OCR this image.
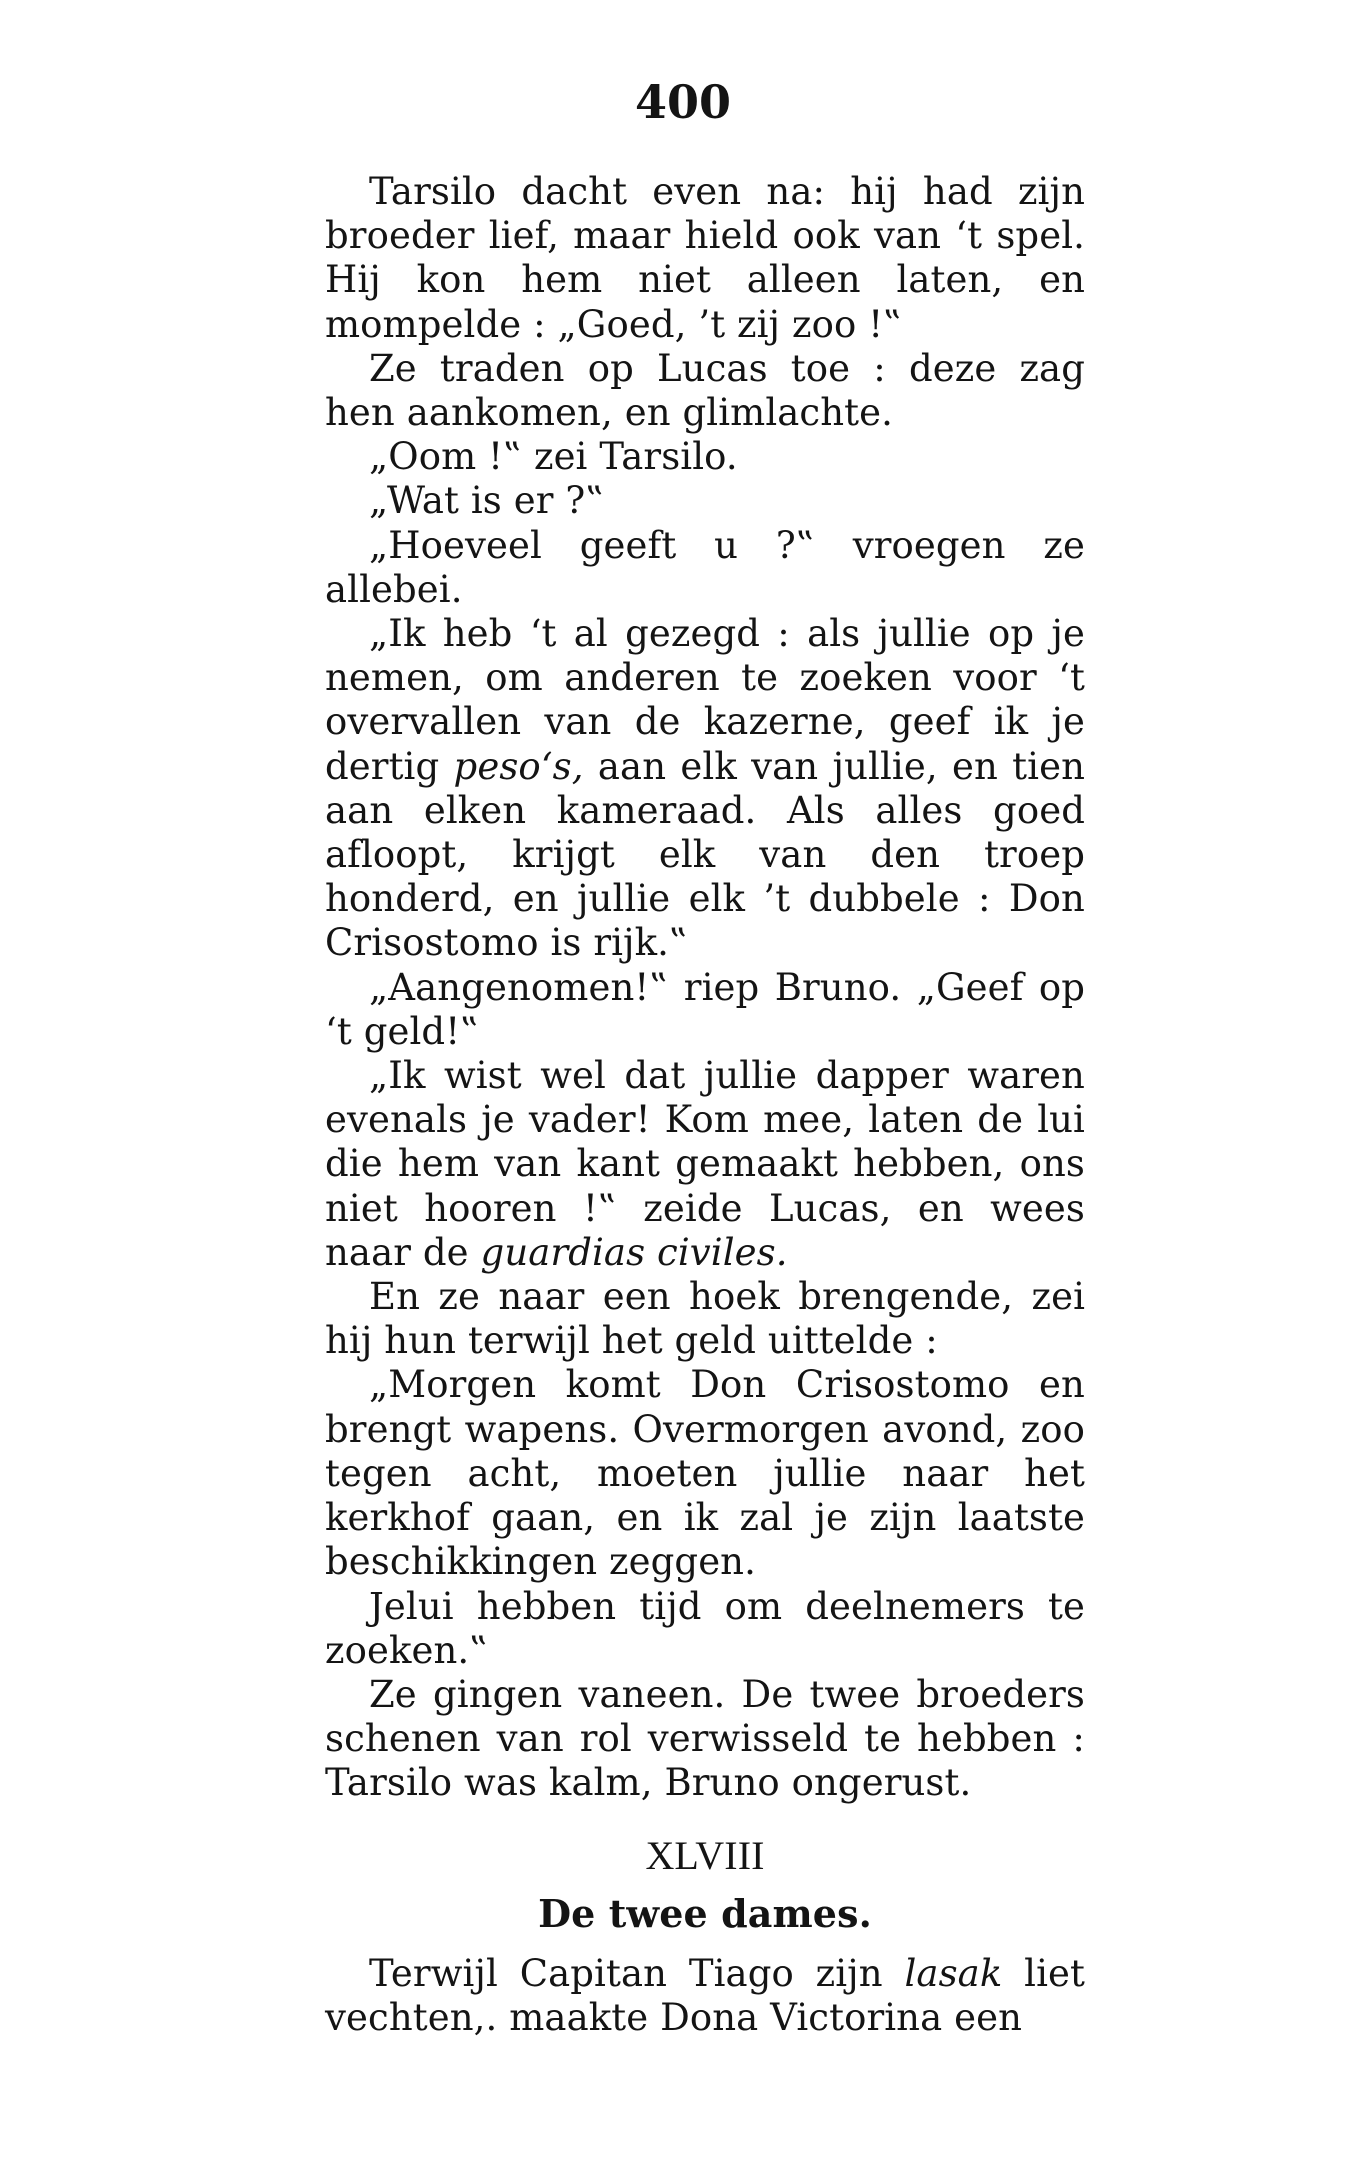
400

Tarsilo dacht even na: hij had zijn broeder lief, maar hield ook van ‘t spel. Hij kon hem niet alleen laten, en mompelde : „Goed, ’t zij zoo !‟

Ze traden op Lucas toe : deze zag hen aankomen, en glimlachte.

„Oom !‟ zei Tarsilo.

„Wat is er ?‟

„Hoeveel geeft u ?‟ vroegen ze allebei.

„Ik heb ‘t al gezegd : als jullie op je nemen, om anderen te zoeken voor ‘t overvallen van de kazerne, geef ik je dertig peso‘s, aan elk van jullie, en tien aan elken kameraad. Als alles goed afloopt, krijgt elk van den troep honderd, en jullie elk ’t dubbele : Don Crisostomo is rijk.‟

„Aangenomen!‟ riep Bruno. „Geef op ‘t geld!‟

„Ik wist wel dat jullie dapper waren evenals je vader! Kom mee, laten de lui die hem van kant gemaakt hebben, ons niet hooren !‟ zeide Lucas, en wees naar de guardias civiles.

En ze naar een hoek brengende, zei hij hun terwijl het geld uittelde :

„Morgen komt Don Crisostomo en brengt wapens. Overmorgen avond, zoo tegen acht, moeten jullie naar het kerkhof gaan, en ik zal je zijn laatste beschikkingen zeggen.

Jelui hebben tijd om deelnemers te zoeken.‟

Ze gingen vaneen. De twee broeders schenen van rol verwisseld te hebben : Tarsilo was kalm, Bruno ongerust.

XLVIII
De twee dames.

Terwijl Capitan Tiago zijn lasak liet vechten,. maakte Dona Victorina een
